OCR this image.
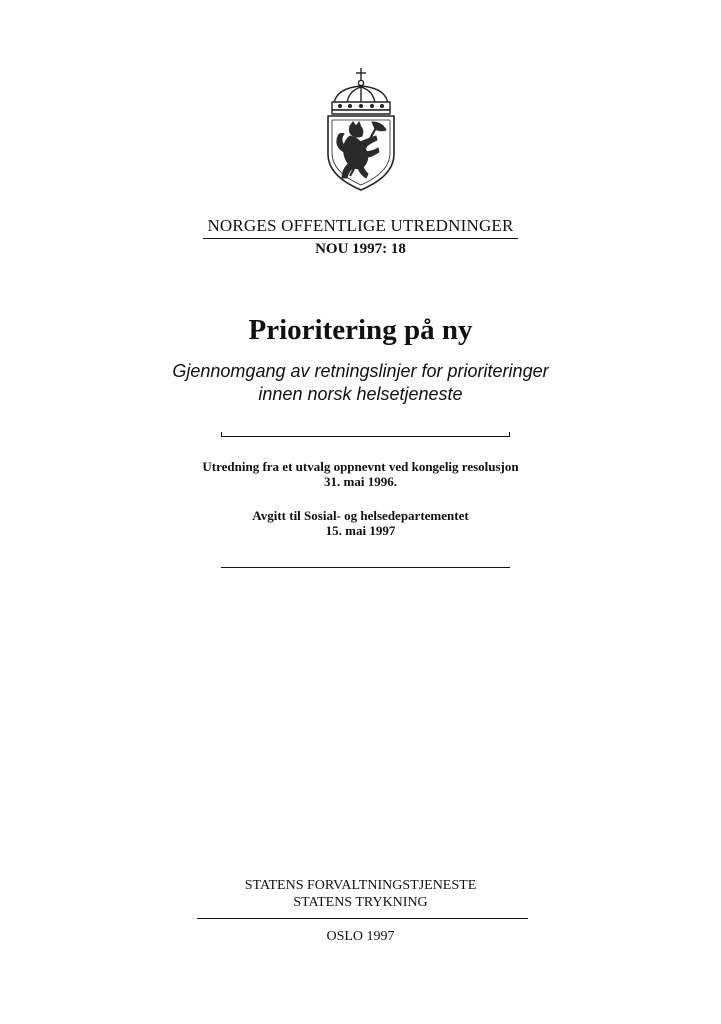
NORGES OFFENTLIGE UTREDNINGER
NOU 1997: 18
Prioritering på ny
Gjennomgang av retningslinjer for prioriteringer
innen norsk helsetjeneste
Utredning fra et utvalg oppnevnt ved kongelig resolusjon
31. mai 1996.
Avgitt til Sosial- og helsedepartementet
15. mai 1997
STATENS FORVALTNINGSTJENESTE
STATENS TRYKNING
OSLO 1997
